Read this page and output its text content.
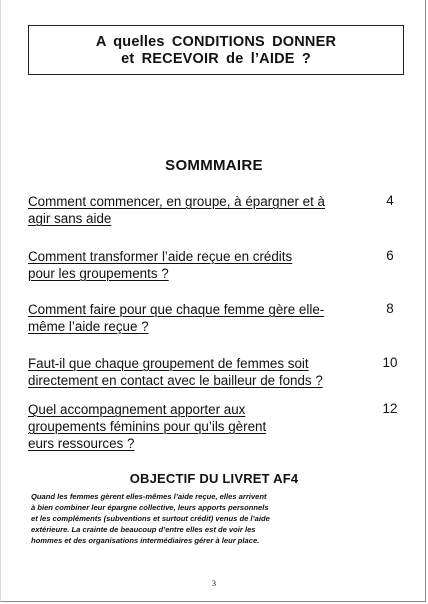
A quelles CONDITIONS DONNER
et RECEVOIR de l’AIDE ?
SOMMMAIRE
Comment commencer, en groupe, à épargner et à
agir sans aide
4
Comment transformer l’aide reçue en crédits
pour les groupements ?
6
Comment faire pour que chaque femme gère elle-
même l’aide reçue ?
8
Faut-il que chaque groupement de femmes soit
directement en contact avec le bailleur de fonds ?
10
Quel accompagnement apporter aux
groupements féminins pour qu’ils gèrent
eurs ressources ?
12
OBJECTIF DU LIVRET AF4
Quand les femmes gèrent elles-mêmes l’aide reçue, elles arrivent
à bien combiner leur épargne collective, leurs apports personnels
et les compléments (subventions et surtout crédit) venus de l’aide
extérieure. La crainte de beaucoup d’entre elles est de voir les
hommes et des organisations intermédiaires gérer à leur place.
3
